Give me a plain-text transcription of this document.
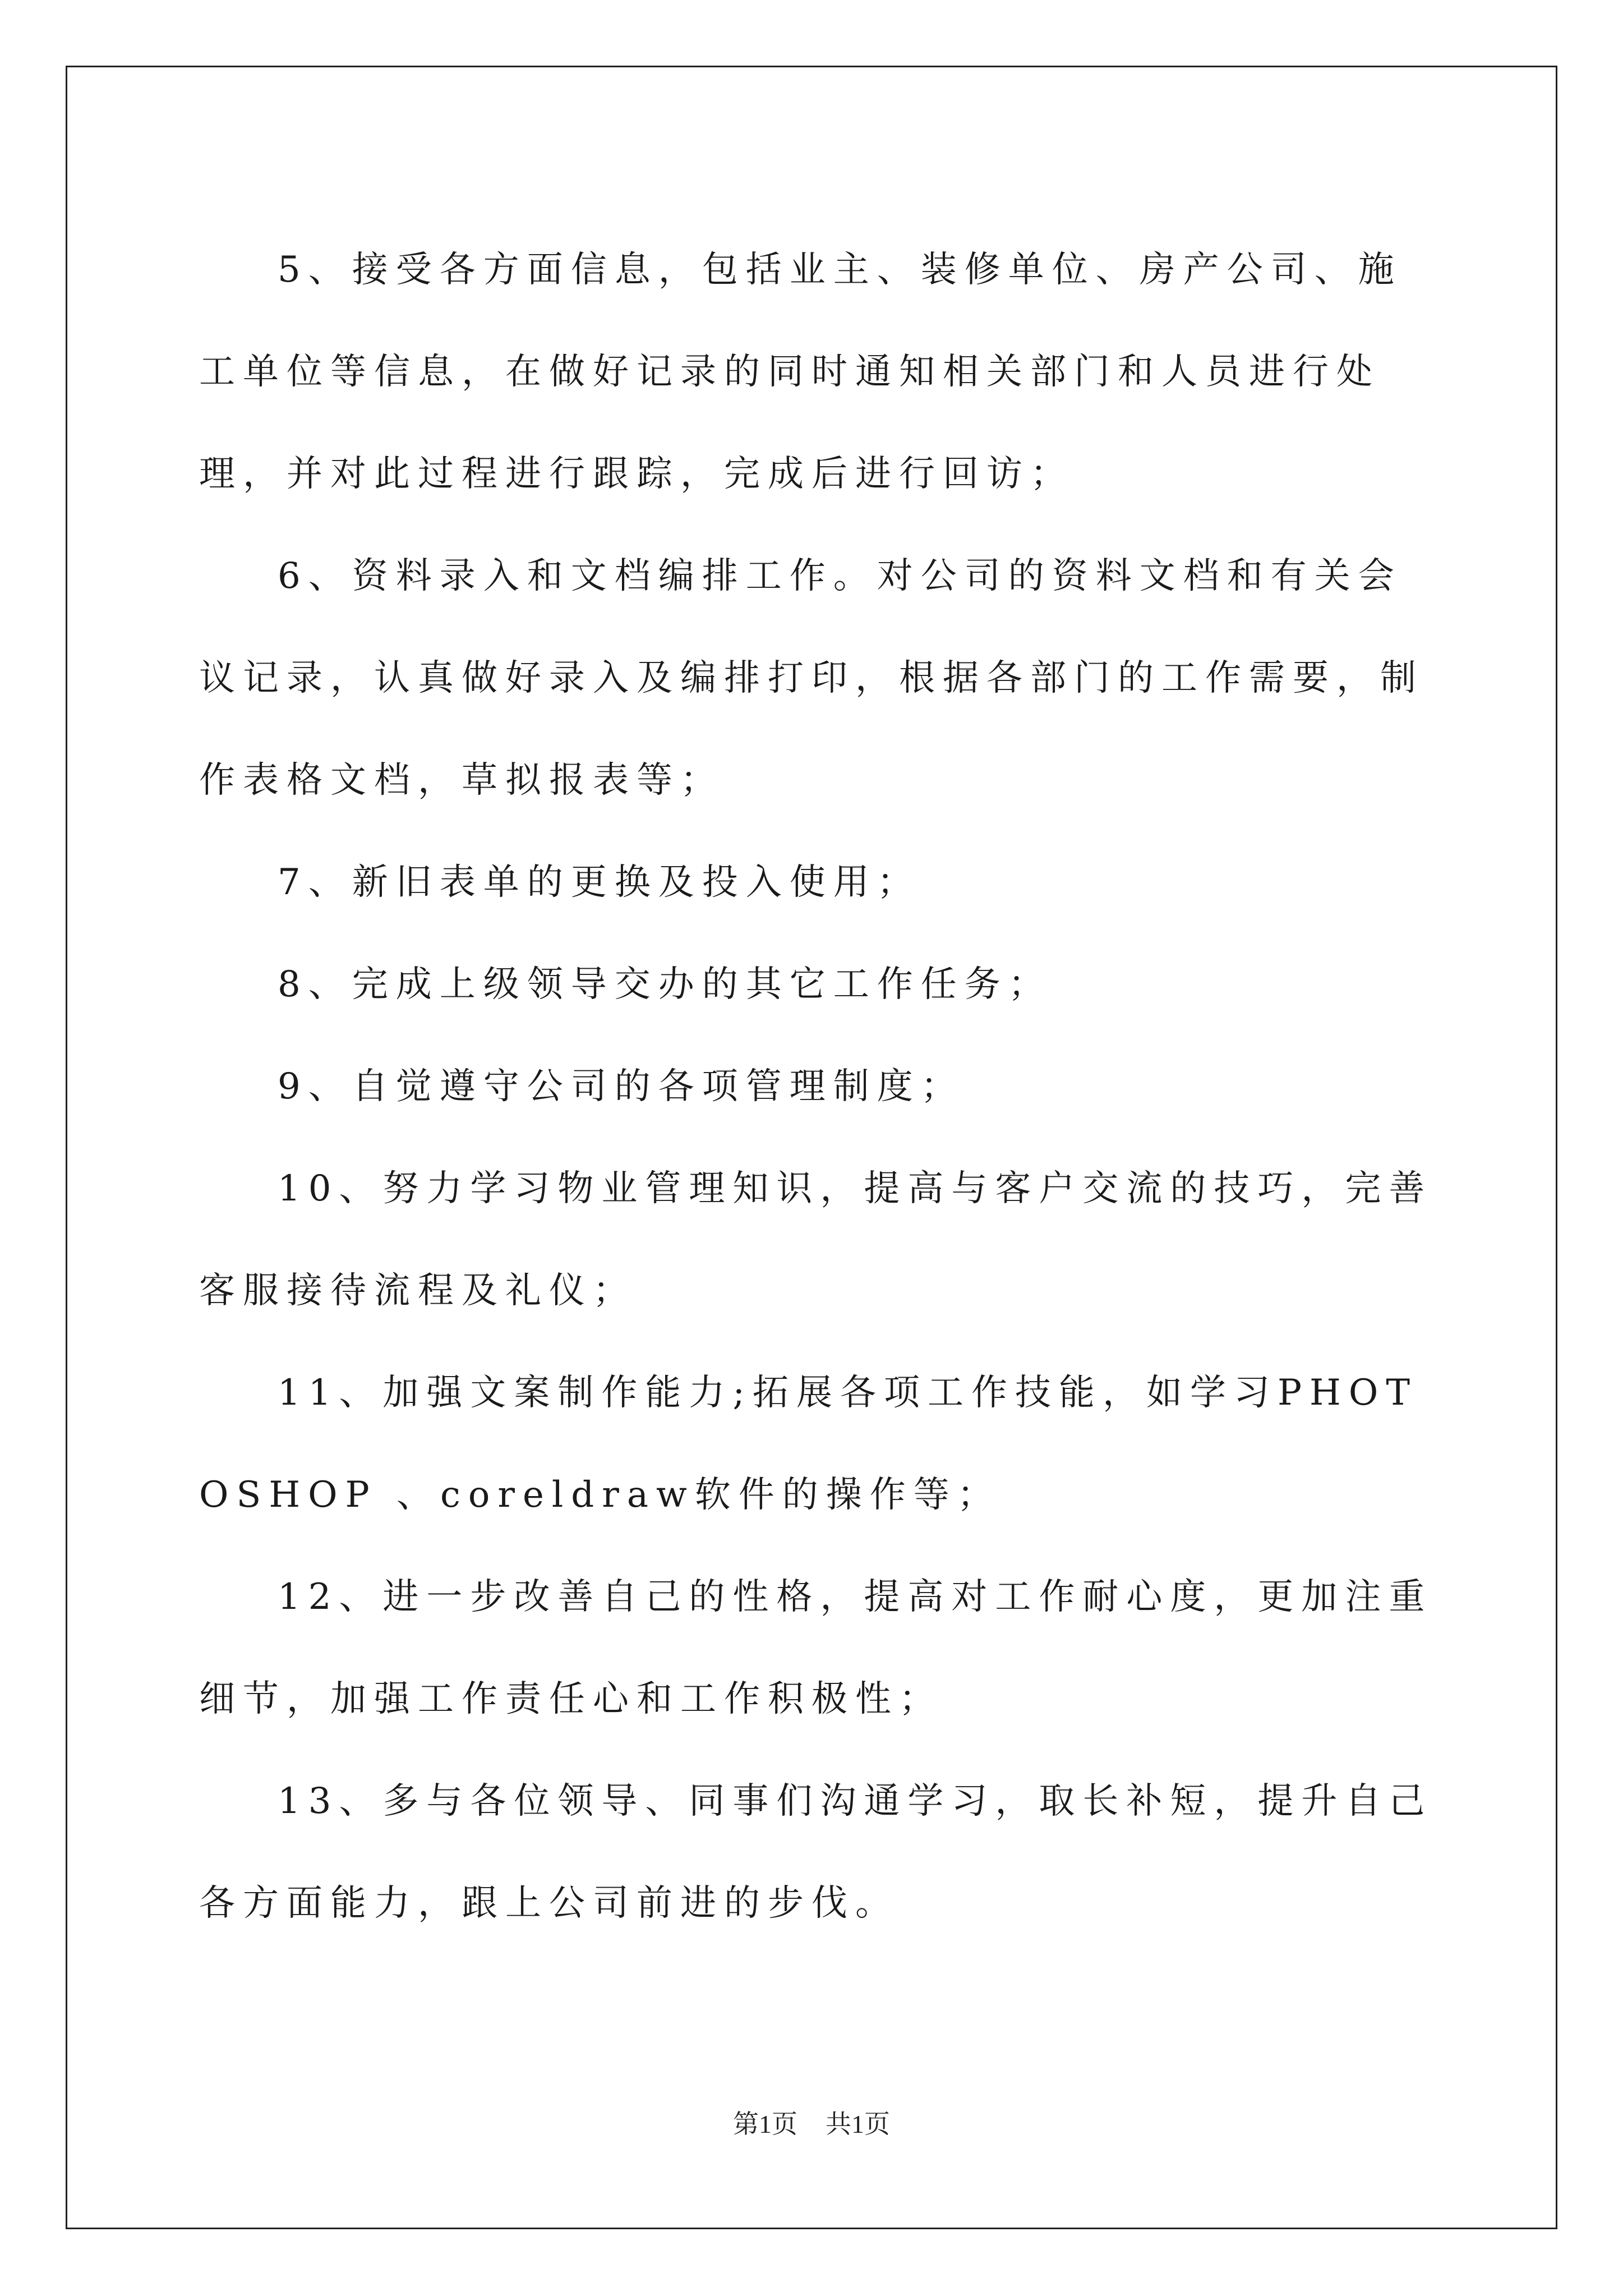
5、接受各方面信息，包括业主、装修单位、房产公司、施工单位等信息，在做好记录的同时通知相关部门和人员进行处理，并对此过程进行跟踪，完成后进行回访；

6、资料录入和文档编排工作。对公司的资料文档和有关会议记录，认真做好录入及编排打印，根据各部门的工作需要，制作表格文档，草拟报表等；

7、新旧表单的更换及投入使用；

8、完成上级领导交办的其它工作任务；

9、自觉遵守公司的各项管理制度；

10、努力学习物业管理知识，提高与客户交流的技巧，完善客服接待流程及礼仪；

11、加强文案制作能力;拓展各项工作技能，如学习PHOTOSHOP 、coreldraw软件的操作等；

12、进一步改善自己的性格，提高对工作耐心度，更加注重细节，加强工作责任心和工作积极性；

13、多与各位领导、同事们沟通学习，取长补短，提升自己各方面能力，跟上公司前进的步伐。

第1页 共1页
